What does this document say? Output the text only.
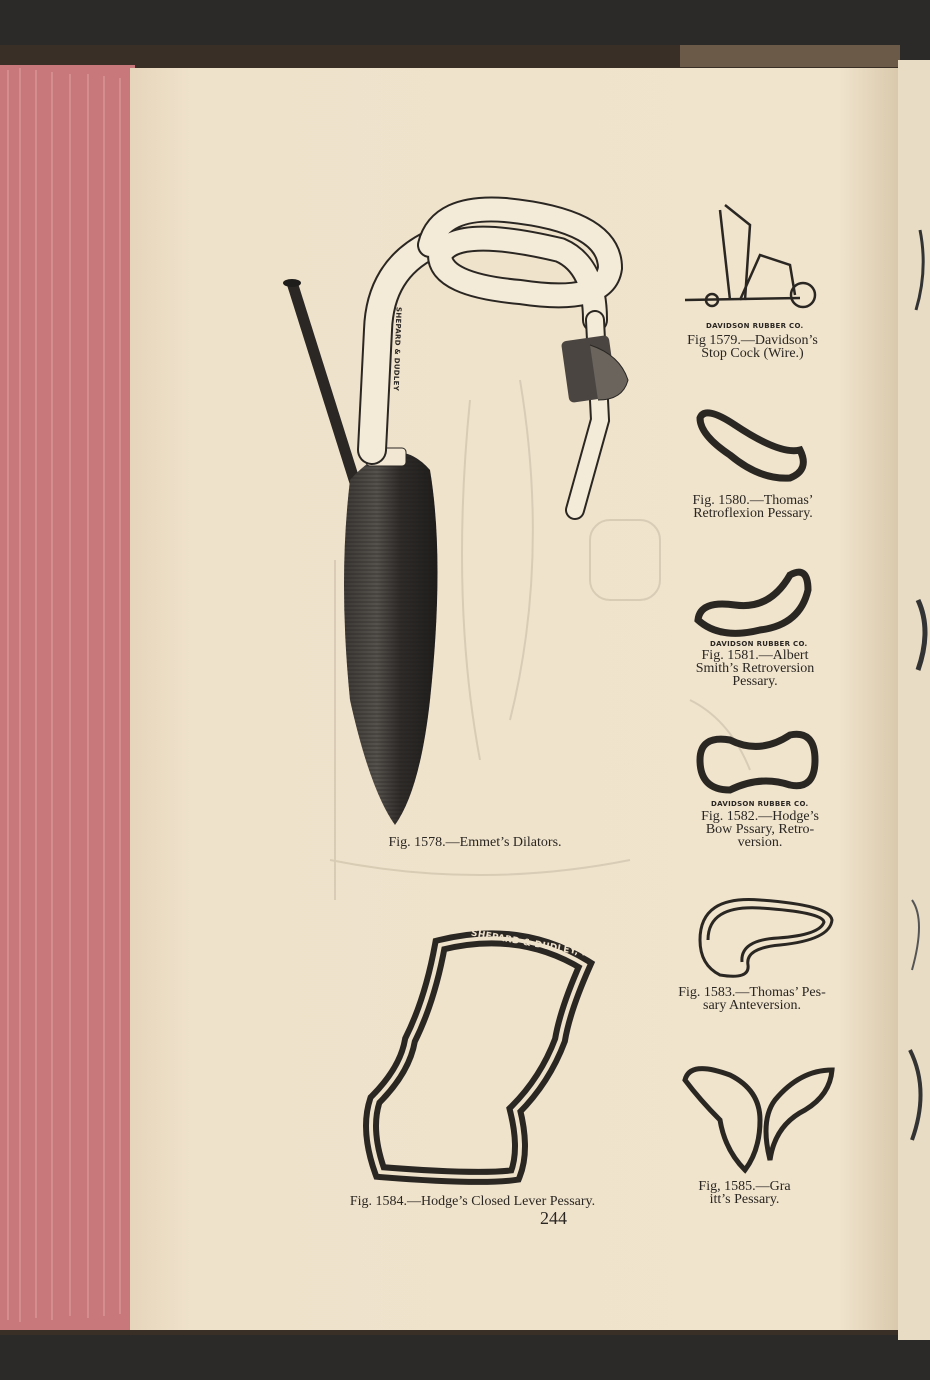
SHEPARD & DUDLEY	DAVIDSON RUBBER CO.
DAVIDSON RUBBER CO.
DAVIDSON RUBBER CO.
SHEPARD & DUDLEY, N.Y.
Fig 1579.—Davidson’s
Stop Cock (Wire.)
Fig. 1580.—Thomas’
Retroflexion Pessary.
Fig. 1581.—Albert
Smith’s Retroversion
Pessary.
Fig. 1582.—Hodge’s
Bow Pssary, Retro-
version.
Fig. 1578.—Emmet’s Dilators.
Fig. 1583.—Thomas’ Pes-
sary Anteversion.
Fig, 1585.—Gra
itt’s Pessary.
Fig. 1584.—Hodge’s Closed Lever Pessary.
244
